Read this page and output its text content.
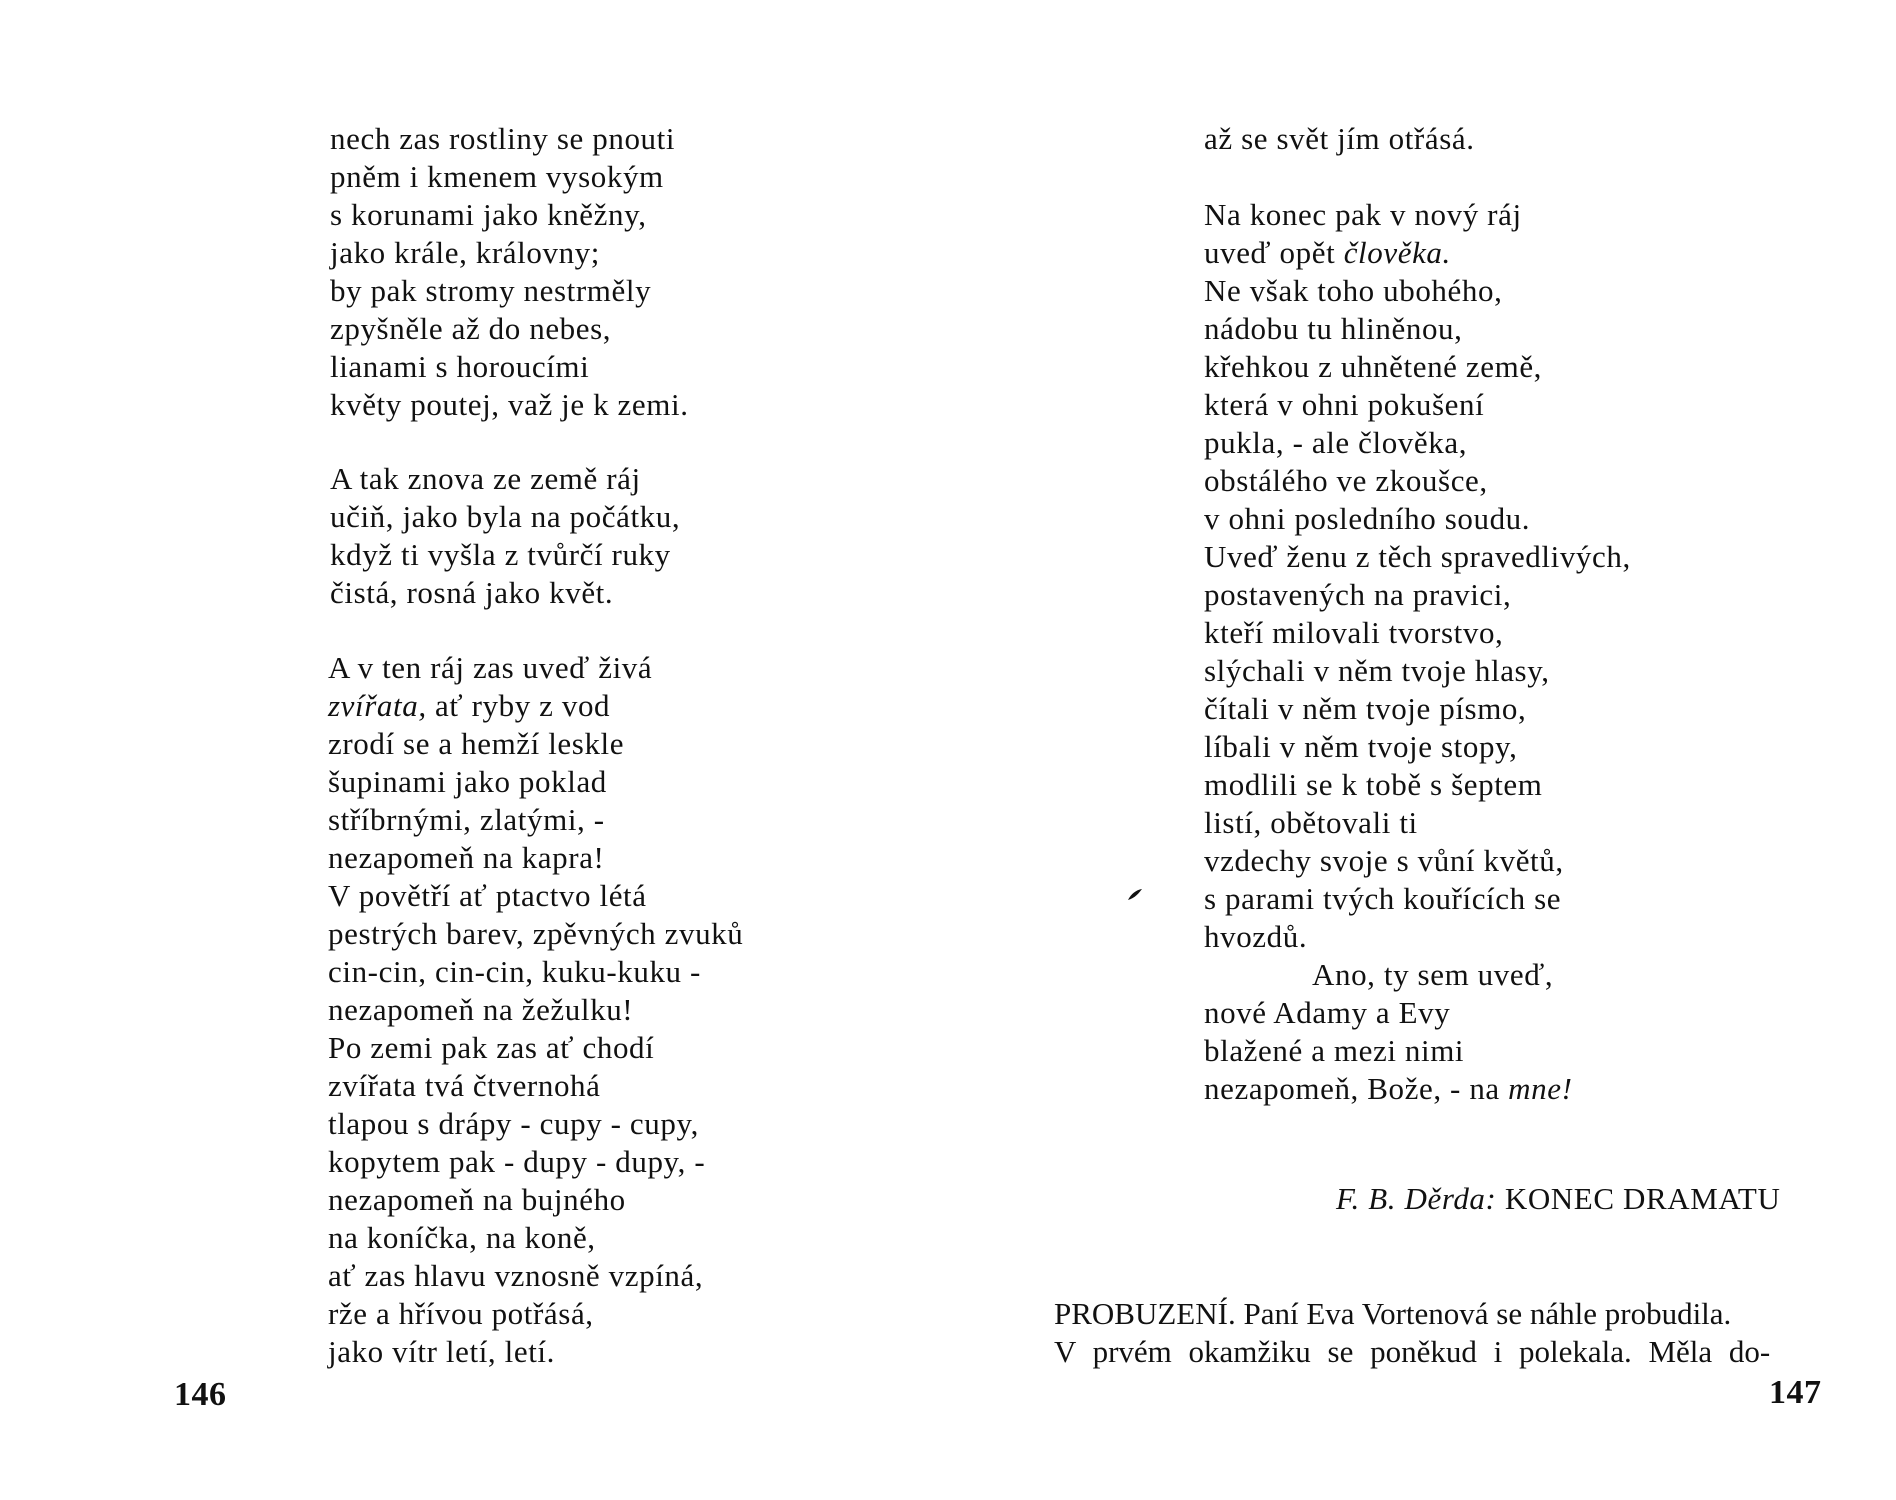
nech zas rostliny se pnouti
pněm i kmenem vysokým
s korunami jako kněžny,
jako krále, královny;
by pak stromy nestrměly
zpyšněle až do nebes,
lianami s horoucími
květy poutej, važ je k zemi.
A tak znova ze země ráj
učiň, jako byla na počátku,
když ti vyšla z tvůrčí ruky
čistá, rosná jako květ.
A v ten ráj zas uveď živá
zvířata, ať ryby z vod
zrodí se a hemží leskle
šupinami jako poklad
stříbrnými, zlatými, -
nezapomeň na kapra!
V povětří ať ptactvo létá
pestrých barev, zpěvných zvuků
cin-cin, cin-cin, kuku-kuku -
nezapomeň na žežulku!
Po zemi pak zas ať chodí
zvířata tvá čtvernohá
tlapou s drápy - cupy - cupy,
kopytem pak - dupy - dupy, -
nezapomeň na bujného
na koníčka, na koně,
ať zas hlavu vznosně vzpíná,
rže a hřívou potřásá,
jako vítr letí, letí.
146
až se svět jím otřásá.
Na konec pak v nový ráj
uveď opět člověka.
Ne však toho ubohého,
nádobu tu hliněnou,
křehkou z uhnětené země,
která v ohni pokušení
pukla, - ale člověka,
obstálého ve zkoušce,
v ohni posledního soudu.
Uveď ženu z těch spravedlivých,
postavených na pravici,
kteří milovali tvorstvo,
slýchali v něm tvoje hlasy,
čítali v něm tvoje písmo,
líbali v něm tvoje stopy,
modlili se k tobě s šeptem
listí, obětovali ti
vzdechy svoje s vůní květů,
s parami tvých kouřících se
hvozdů.
Ano, ty sem uveď,
nové Adamy a Evy
blažené a mezi nimi
nezapomeň, Bože, - na mne!
F. B. Děrda: KONEC DRAMATU
PROBUZENÍ. Paní Eva Vortenová se náhle probudila.
V prvém okamžiku se poněkud i polekala. Měla do-
147
